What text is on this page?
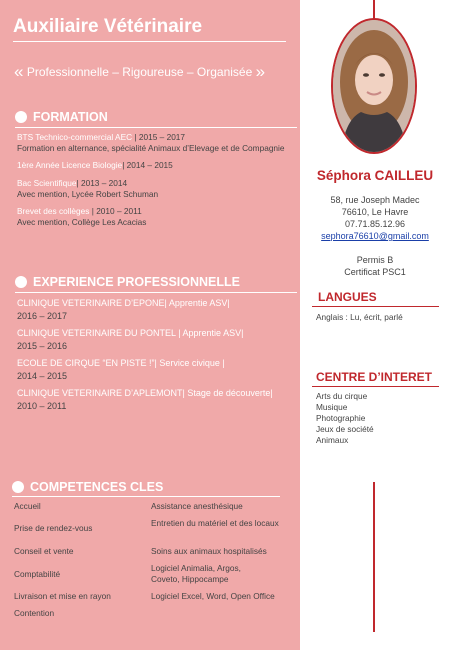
Auxiliaire Vétérinaire
« Professionnelle – Rigoureuse – Organisée »
FORMATION
BTS Technico-commercial AEC | 2015 – 2017
Formation en alternance, spécialité Animaux d’Elevage et de Compagnie
1ère Année Licence Biologie| 2014 – 2015
Bac Scientifique| 2013 – 2014
Avec mention, Lycée Robert Schuman
Brevet des collèges | 2010 – 2011
Avec mention, Collège Les Acacias
EXPERIENCE PROFESSIONNELLE
CLINIQUE VETERINAIRE D’EPONE| Apprentie ASV|
2016 – 2017
CLINIQUE VETERINAIRE DU PONTEL | Apprentie ASV|
2015 – 2016
ECOLE DE CIRQUE “EN PISTE !”| Service civique |
2014 – 2015
CLINIQUE VETERINAIRE D’APLEMONT| Stage de découverte|
2010 – 2011
COMPETENCES CLES
Accueil
Prise de rendez-vous
Conseil et vente
Comptabilité
Livraison et mise en rayon
Contention
Assistance anesthésique
Entretien du matériel et des locaux
Soins aux animaux hospitalisés
Logiciel Animalia, Argos, Coveto, Hippocampe
Logiciel Excel, Word, Open Office
Séphora CAILLEU
58, rue Joseph Madec
76610, Le Havre
07.71.85.12.96
sephora76610@gmail.com
Permis B
Certificat PSC1
LANGUES
Anglais : Lu, écrit, parlé
CENTRE D’INTERET
Arts du cirque
Musique
Photographie
Jeux de société
Animaux
